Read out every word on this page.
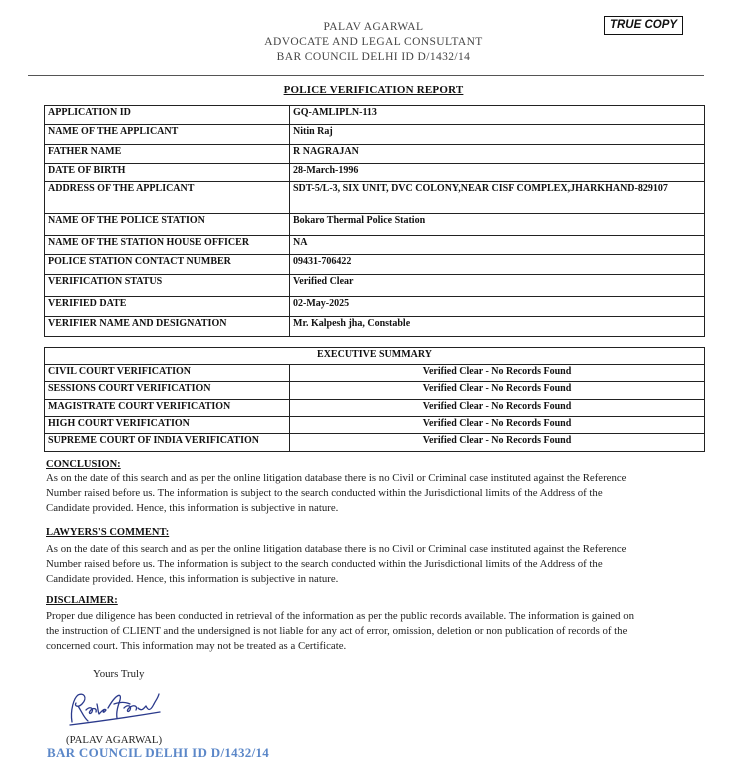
TRUE COPY
PALAV AGARWAL
ADVOCATE AND LEGAL CONSULTANT
BAR COUNCIL DELHI ID D/1432/14
POLICE VERIFICATION REPORT
APPLICATION ID	GQ-AMLIPLN-113
NAME OF THE APPLICANT	Nitin Raj
FATHER NAME	R NAGRAJAN
DATE OF BIRTH	28-March-1996
ADDRESS OF THE APPLICANT	SDT-5/L-3, SIX UNIT, DVC COLONY,NEAR CISF COMPLEX,JHARKHAND-829107
NAME OF THE POLICE STATION	Bokaro Thermal Police Station
NAME OF THE STATION HOUSE OFFICER	NA
POLICE STATION CONTACT NUMBER	09431-706422
VERIFICATION STATUS	Verified Clear
VERIFIED DATE	02-May-2025
VERIFIER NAME AND DESIGNATION	Mr. Kalpesh jha, Constable
EXECUTIVE SUMMARY	
CIVIL COURT VERIFICATION	Verified Clear - No Records Found
SESSIONS COURT VERIFICATION	Verified Clear - No Records Found
MAGISTRATE COURT VERIFICATION	Verified Clear - No Records Found
HIGH COURT VERIFICATION	Verified Clear - No Records Found
SUPREME COURT OF INDIA VERIFICATION	Verified Clear - No Records Found
CONCLUSION:
As on the date of this search and as per the online litigation database there is no Civil or Criminal case instituted against the Reference
Number raised before us. The information is subject to the search conducted within the Jurisdictional limits of the Address of the
Candidate provided. Hence, this information is subjective in nature.
LAWYERS'S COMMENT:
As on the date of this search and as per the online litigation database there is no Civil or Criminal case instituted against the Reference
Number raised before us. The information is subject to the search conducted within the Jurisdictional limits of the Address of the
Candidate provided. Hence, this information is subjective in nature.
DISCLAIMER:
Proper due diligence has been conducted in retrieval of the information as per the public records available. The information is gained on
the instruction of CLIENT and the undersigned is not liable for any act of error, omission, deletion or non publication of records of the
concerned court. This information may not be treated as a Certificate.
Yours Truly
(PALAV AGARWAL)
BAR COUNCIL DELHI ID D/1432/14
